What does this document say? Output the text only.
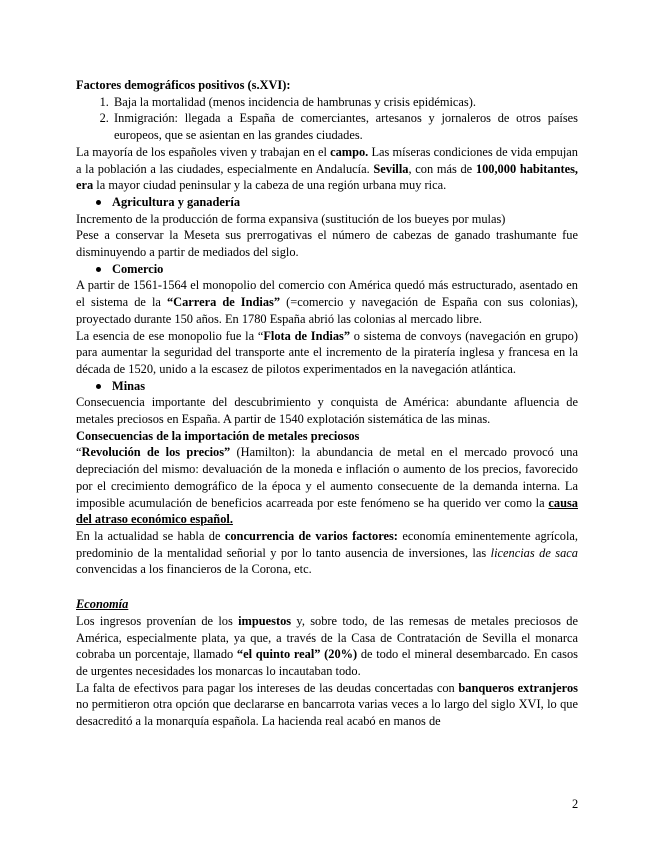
Factores demográficos positivos (s.XVI):

1. Baja la mortalidad (menos incidencia de hambrunas y crisis epidémicas).
2. Inmigración: llegada a España de comerciantes, artesanos y jornaleros de otros países europeos, que se asientan en las grandes ciudades.

La mayoría de los españoles viven y trabajan en el campo. Las míseras condiciones de vida empujan a la población a las ciudades, especialmente en Andalucía. Sevilla, con más de 100,000 habitantes, era la mayor ciudad peninsular y la cabeza de una región urbana muy rica.

Agricultura y ganadería

Incremento de la producción de forma expansiva (sustitución de los bueyes por mulas)

Pese a conservar la Meseta sus prerrogativas el número de cabezas de ganado trashumante fue disminuyendo a partir de mediados del siglo.

Comercio

A partir de 1561-1564 el monopolio del comercio con América quedó más estructurado, asentado en el sistema de la “Carrera de Indias” (=comercio y navegación de España con sus colonias), proyectado durante 150 años. En 1780 España abrió las colonias al mercado libre.

La esencia de ese monopolio fue la “Flota de Indias” o sistema de convoys (navegación en grupo) para aumentar la seguridad del transporte ante el incremento de la piratería inglesa y francesa en la década de 1520, unido a la escasez de pilotos experimentados en la navegación atlántica.

Minas

Consecuencia importante del descubrimiento y conquista de América: abundante afluencia de metales preciosos en España. A partir de 1540 explotación sistemática de las minas.

Consecuencias de la importación de metales preciosos

“Revolución de los precios” (Hamilton): la abundancia de metal en el mercado provocó una depreciación del mismo: devaluación de la moneda e inflación o aumento de los precios, favorecido por el crecimiento demográfico de la época y el aumento consecuente de la demanda interna. La imposible acumulación de beneficios acarreada por este fenómeno se ha querido ver como la causa del atraso económico español.

En la actualidad se habla de concurrencia de varios factores: economía eminentemente agrícola, predominio de la mentalidad señorial y por lo tanto ausencia de inversiones, las licencias de saca convencidas a los financieros de la Corona, etc.

Economía

Los ingresos provenían de los impuestos y, sobre todo, de las remesas de metales preciosos de América, especialmente plata, ya que, a través de la Casa de Contratación de Sevilla el monarca cobraba un porcentaje, llamado “el quinto real” (20%) de todo el mineral desembarcado. En casos de urgentes necesidades los monarcas lo incautaban todo.

La falta de efectivos para pagar los intereses de las deudas concertadas con banqueros extranjeros no permitieron otra opción que declararse en bancarrota varias veces a lo largo del siglo XVI, lo que desacreditó a la monarquía española. La hacienda real acabó en manos de

2
